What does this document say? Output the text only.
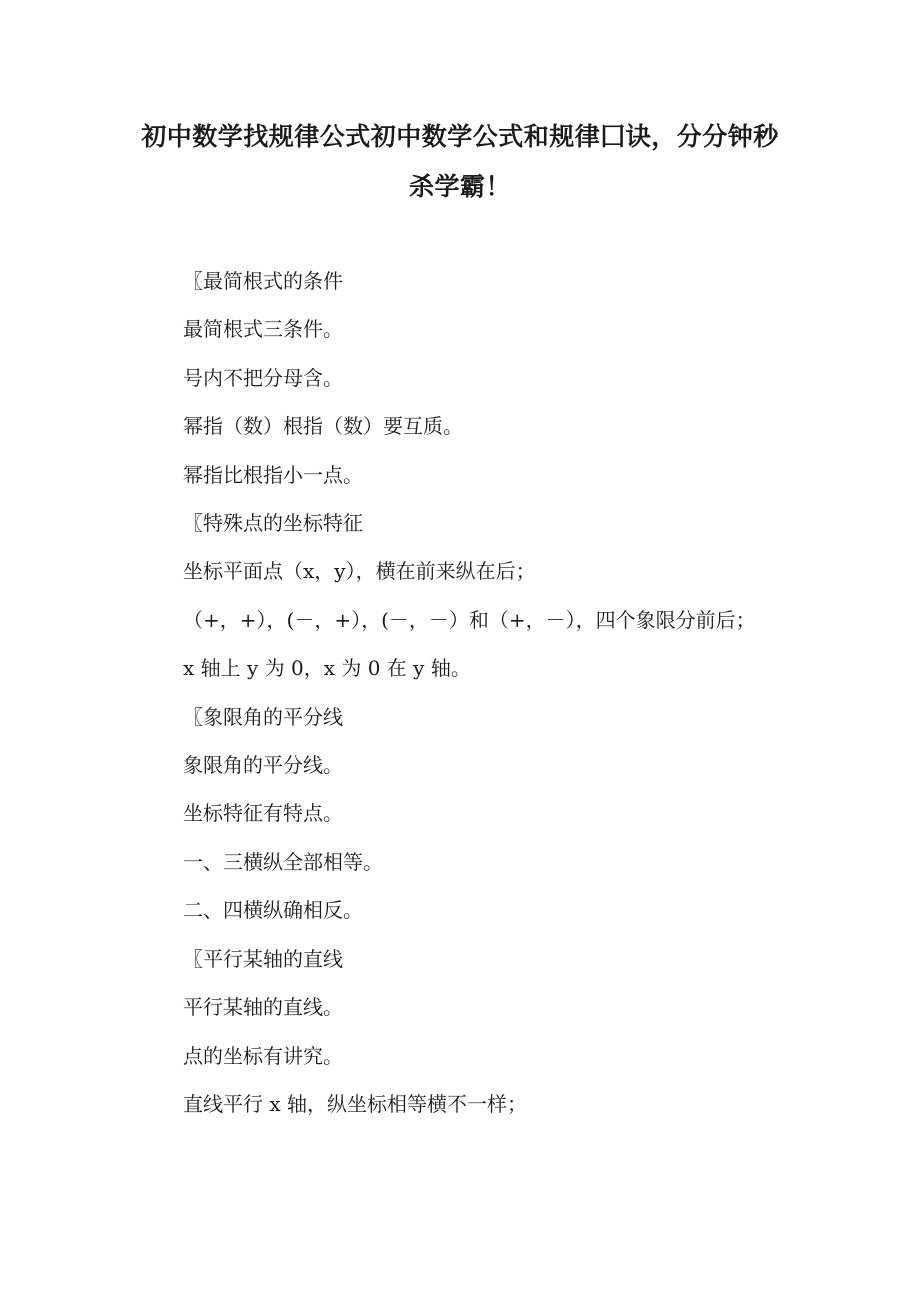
初中数学找规律公式初中数学公式和规律囗诀，分分钟秒杀学霸！

〖最简根式的条件

最简根式三条件。

号内不把分母含。

幂指（数）根指（数）要互质。

幂指比根指小一点。

〖特殊点的坐标特征

坐标平面点（x，y），横在前来纵在后；

（+，+），(－，+），(－，－）和（+，－），四个象限分前后；

x 轴上 y 为 0，x 为 0 在 y 轴。

〖象限角的平分线

象限角的平分线。

坐标特征有特点。

一、三横纵全部相等。

二、四横纵确相反。

〖平行某轴的直线

平行某轴的直线。

点的坐标有讲究。

直线平行 x 轴，纵坐标相等横不一样；
